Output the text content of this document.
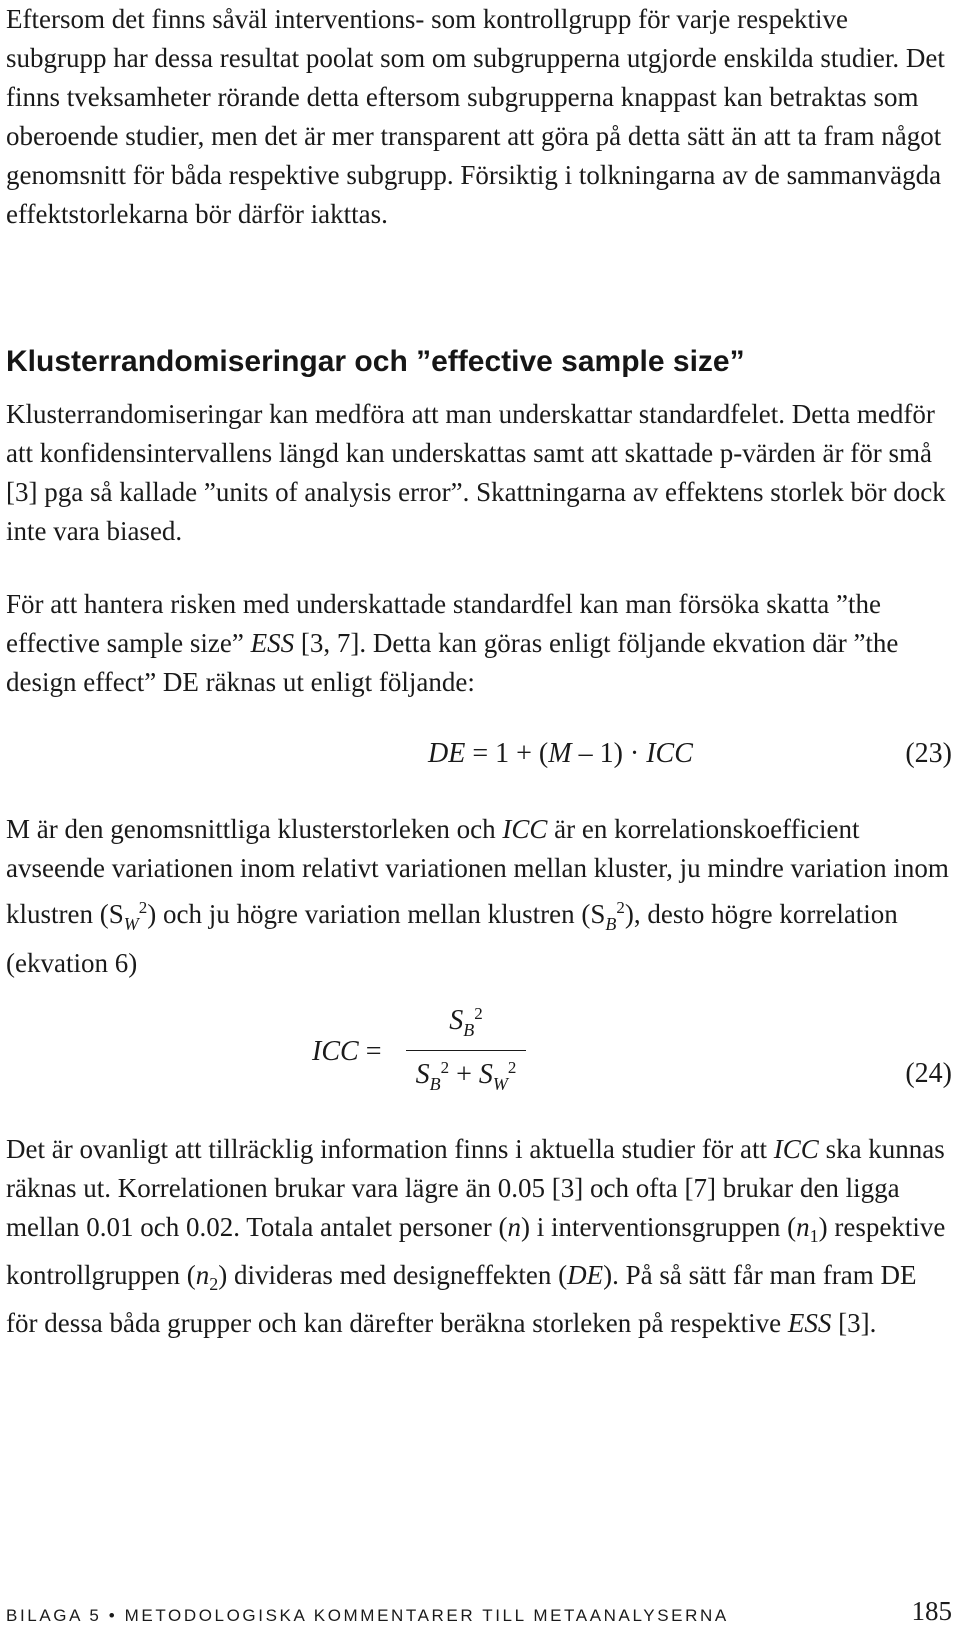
Eftersom det finns såväl interventions- som kontrollgrupp för varje respektive subgrupp har dessa resultat poolat som om subgrupperna utgjorde enskilda studier. Det finns tveksamheter rörande detta eftersom subgrupperna knappast kan betraktas som oberoende studier, men det är mer transparent att göra på detta sätt än att ta fram något genomsnitt för båda respektive subgrupp. Försiktig i tolkningarna av de sammanvägda effektstorlekarna bör därför iakttas.

Klusterrandomiseringar och ”effective sample size”

Klusterrandomiseringar kan medföra att man underskattar standardfelet. Detta medför att konfidensintervallens längd kan underskattas samt att skattade p-värden är för små [3] pga så kallade ”units of analysis error”. Skattningarna av effektens storlek bör dock inte vara biased.

För att hantera risken med underskattade standardfel kan man försöka skatta ”the effective sample size” ESS [3, 7]. Detta kan göras enligt följande ekvation där ”the design effect” DE räknas ut enligt följande:

DE = 1 + (M – 1) · ICC	(23)

M är den genomsnittliga klusterstorleken och ICC är en korrelationskoefficient avseende variationen inom relativt variationen mellan kluster, ju mindre variation inom klustren $(S_W^2)$ och ju högre variation mellan klustren $(S_B^2)$, desto högre korrelation (ekvation 6)

ICC =
$S_B^2$
$S_B^2 + S_W^2$	(24)

Det är ovanligt att tillräcklig information finns i aktuella studier för att ICC ska kunnas räknas ut. Korrelationen brukar vara lägre än 0.05 [3] och ofta [7] brukar den ligga mellan 0.01 och 0.02. Totala antalet personer (n) i interventionsgruppen $(n_1)$ respektive kontrollgruppen $(n_2)$ divideras med designeffekten (DE). På så sätt får man fram DE för dessa båda grupper och kan därefter beräkna storleken på respektive ESS [3].

BILAGA 5 • METODOLOGISKA KOMMENTARER TILL METAANALYSERNA	185
